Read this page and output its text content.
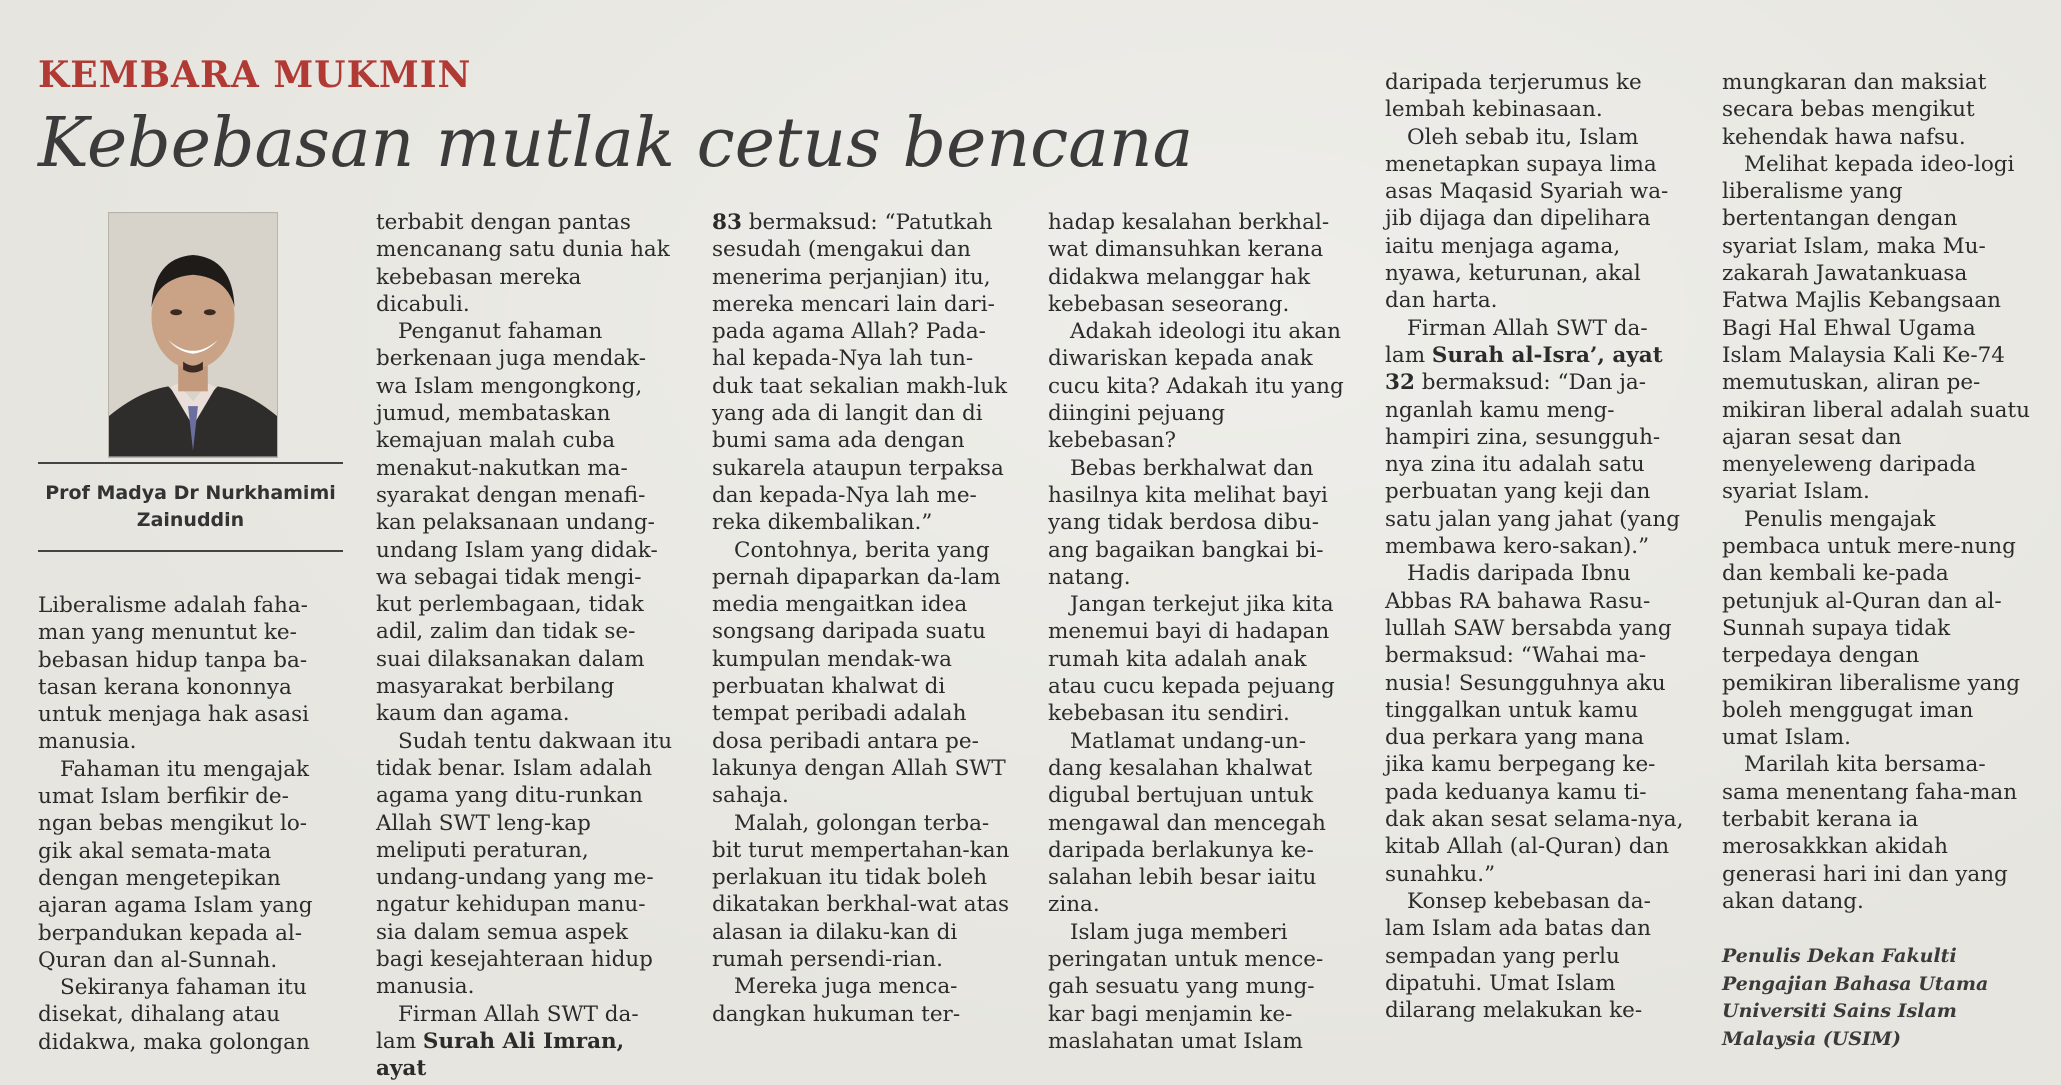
KEMBARA MUKMIN
Kebebasan mutlak cetus bencana
Prof Madya Dr Nurkhamimi Zainuddin

Liberalisme adalah faha-man yang menuntut ke-bebasan hidup tanpa ba-tasan kerana kononnya untuk menjaga hak asasi manusia.

Fahaman itu mengajak umat Islam berfikir de-ngan bebas mengikut lo-gik akal semata-mata dengan mengetepikan ajaran agama Islam yang berpandukan kepada al-Quran dan al-Sunnah.

Sekiranya fahaman itu disekat, dihalang atau didakwa, maka golongan

terbabit dengan pantas mencanang satu dunia hak kebebasan mereka dicabuli.

Penganut fahaman berkenaan juga mendak-wa Islam mengongkong, jumud, membataskan kemajuan malah cuba menakut-nakutkan ma-syarakat dengan menafi-kan pelaksanaan undang-undang Islam yang didak-wa sebagai tidak mengi-kut perlembagaan, tidak adil, zalim dan tidak se-suai dilaksanakan dalam masyarakat berbilang kaum dan agama.

Sudah tentu dakwaan itu tidak benar. Islam adalah agama yang ditu-runkan Allah SWT leng-kap meliputi peraturan, undang-undang yang me-ngatur kehidupan manu-sia dalam semua aspek bagi kesejahteraan hidup manusia.

Firman Allah SWT da-lam Surah Ali Imran, ayat

83 bermaksud: “Patutkah sesudah (mengakui dan menerima perjanjian) itu, mereka mencari lain dari-pada agama Allah? Pada-hal kepada-Nya lah tun-duk taat sekalian makh-luk yang ada di langit dan di bumi sama ada dengan sukarela ataupun terpaksa dan kepada-Nya lah me-reka dikembalikan.”

Contohnya, berita yang pernah dipaparkan da-lam media mengaitkan idea songsang daripada suatu kumpulan mendak-wa perbuatan khalwat di tempat peribadi adalah dosa peribadi antara pe-lakunya dengan Allah SWT sahaja.

Malah, golongan terba-bit turut mempertahan-kan perlakuan itu tidak boleh dikatakan berkhal-wat atas alasan ia dilaku-kan di rumah persendi-rian.

Mereka juga menca-dangkan hukuman ter-

hadap kesalahan berkhal-wat dimansuhkan kerana didakwa melanggar hak kebebasan seseorang.

Adakah ideologi itu akan diwariskan kepada anak cucu kita? Adakah itu yang diingini pejuang kebebasan?

Bebas berkhalwat dan hasilnya kita melihat bayi yang tidak berdosa dibu-ang bagaikan bangkai bi-natang.

Jangan terkejut jika kita menemui bayi di hadapan rumah kita adalah anak atau cucu kepada pejuang kebebasan itu sendiri.

Matlamat undang-un-dang kesalahan khalwat digubal bertujuan untuk mengawal dan mencegah daripada berlakunya ke-salahan lebih besar iaitu zina.

Islam juga memberi peringatan untuk mence-gah sesuatu yang mung-kar bagi menjamin ke-maslahatan umat Islam

daripada terjerumus ke lembah kebinasaan.

Oleh sebab itu, Islam menetapkan supaya lima asas Maqasid Syariah wa-jib dijaga dan dipelihara iaitu menjaga agama, nyawa, keturunan, akal dan harta.

Firman Allah SWT da-lam Surah al-Isra’, ayat 32 bermaksud: “Dan ja-nganlah kamu meng-hampiri zina, sesungguh-nya zina itu adalah satu perbuatan yang keji dan satu jalan yang jahat (yang membawa kero-sakan).”

Hadis daripada Ibnu Abbas RA bahawa Rasu-lullah SAW bersabda yang bermaksud: “Wahai ma-nusia! Sesungguhnya aku tinggalkan untuk kamu dua perkara yang mana jika kamu berpegang ke-pada keduanya kamu ti-dak akan sesat selama-nya, kitab Allah (al-Quran) dan sunahku.”

Konsep kebebasan da-lam Islam ada batas dan sempadan yang perlu dipatuhi. Umat Islam dilarang melakukan ke-

mungkaran dan maksiat secara bebas mengikut kehendak hawa nafsu.

Melihat kepada ideo-logi liberalisme yang bertentangan dengan syariat Islam, maka Mu-zakarah Jawatankuasa Fatwa Majlis Kebangsaan Bagi Hal Ehwal Ugama Islam Malaysia Kali Ke-74 memutuskan, aliran pe-mikiran liberal adalah suatu ajaran sesat dan menyeleweng daripada syariat Islam.

Penulis mengajak pembaca untuk mere-nung dan kembali ke-pada petunjuk al-Quran dan al-Sunnah supaya tidak terpedaya dengan pemikiran liberalisme yang boleh menggugat iman umat Islam.

Marilah kita bersama-sama menentang faha-man terbabit kerana ia merosakkkan akidah generasi hari ini dan yang akan datang.

Penulis Dekan Fakulti Pengajian Bahasa Utama Universiti Sains Islam Malaysia (USIM)
